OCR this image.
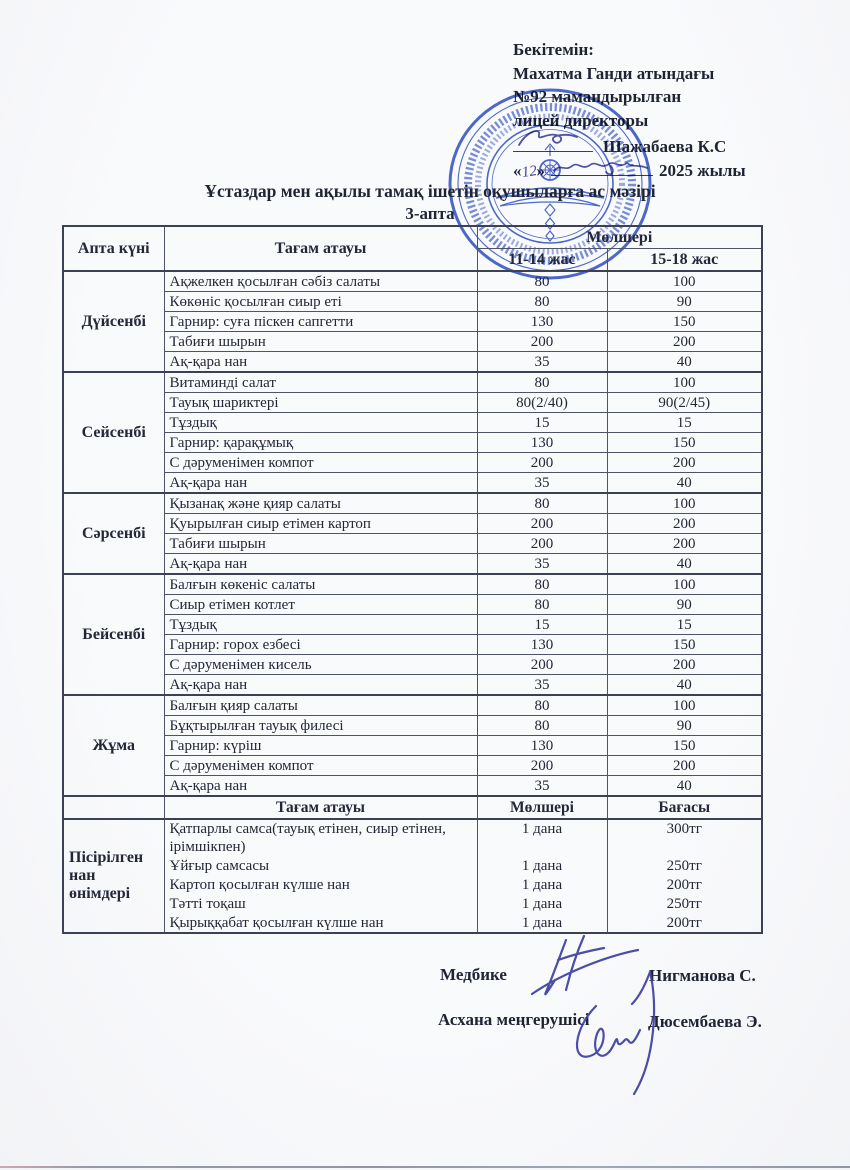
Бекітемін:
Махатма Ганди атындағы
№92 мамандырылған
лицей директоры
Шажабаева К.С
«12»	2025 жылы
Ұстаздар мен ақылы тамақ ішетін оқушыларға ас мәзірі
3-апта
Апта күні	Тағам атауы	Мөлшері	
		11-14 жас	15-18 жас
Дүйсенбі	Ақжелкен қосылған сәбіз салаты	80	100
	Көкөніс қосылған сиыр еті	80	90
	Гарнир: суға піскен сапгетти	130	150
	Табиғи шырын	200	200
	Ақ-қара нан	35	40
Сейсенбі	Витаминді салат	80	100
	Тауық шариктері	80(2/40)	90(2/45)
	Тұздық	15	15
	Гарнир: қарақұмық	130	150
	С дәруменімен компот	200	200
	Ақ-қара нан	35	40
Сәрсенбі	Қызанақ және қияр салаты	80	100
	Қуырылған сиыр етімен картоп	200	200
	Табиғи шырын	200	200
	Ақ-қара нан	35	40
Бейсенбі	Балғын көкеніс салаты	80	100
	Сиыр етімен котлет	80	90
	Тұздық	15	15
	Гарнир: горох езбесі	130	150
	С дәруменімен кисель	200	200
	Ақ-қара нан	35	40
Жұма	Балғын қияр салаты	80	100
	Бұқтырылған тауық филесі	80	90
	Гарнир: күріш	130	150
	С дәруменімен компот	200	200
	Ақ-қара нан	35	40
	Тағам атауы	Мөлшері	Бағасы
Пісірілген нан өнімдері	Қатпарлы самса(тауық етінен, сиыр етінен, ірімшікпен)	1 дана	300тг
	Ұйғыр самсасы	1 дана	250тг
	Картоп қосылған күлше нан	1 дана	200тг
	Тәтті тоқаш	1 дана	250тг
	Қырыққабат қосылған күлше нан	1 дана	200тг
Медбике	Нигманова С.
Асхана меңгерушісі	Дюсембаева Э.
